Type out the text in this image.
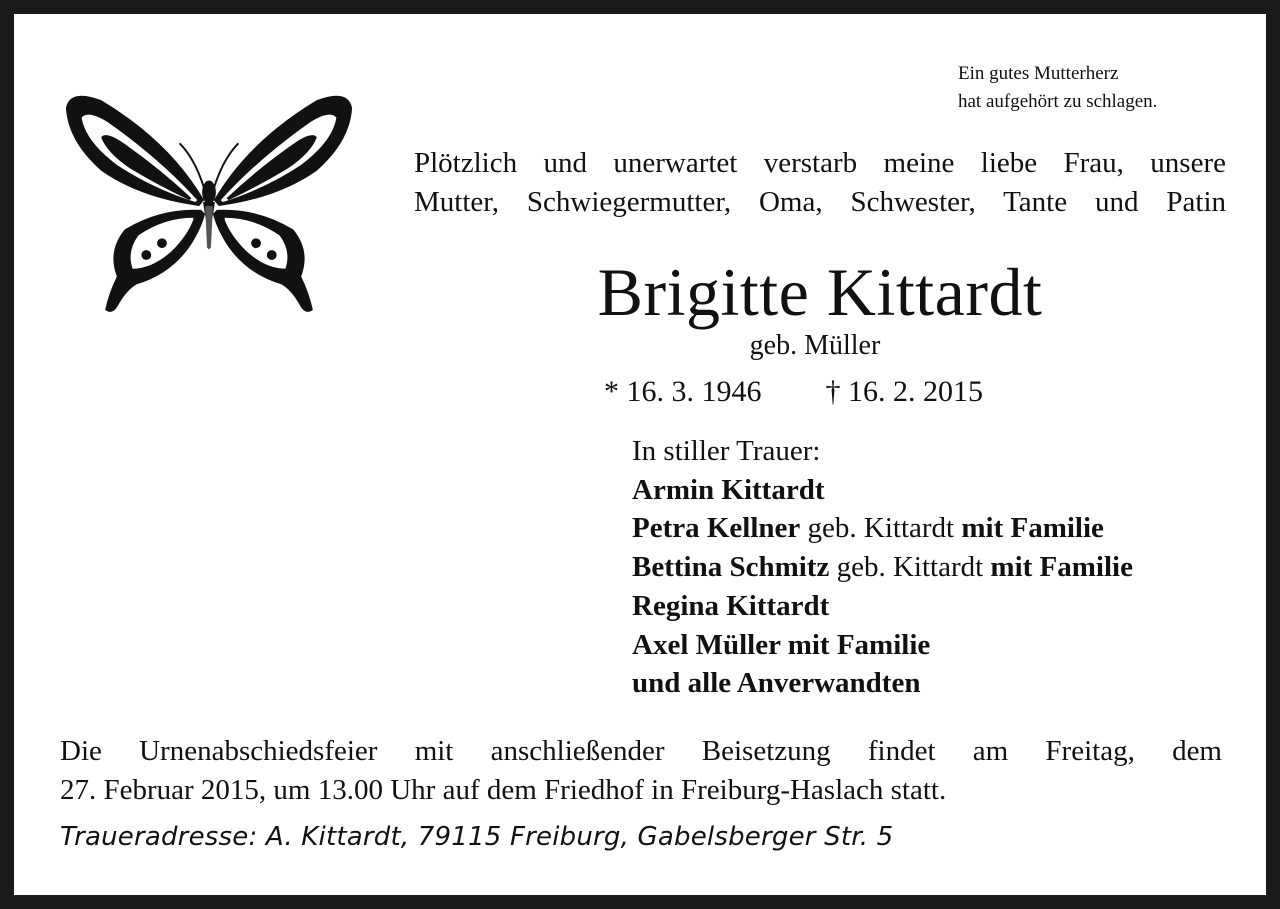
Ein gutes Mutterherz
hat aufgehört zu schlagen.
Plötzlich und unerwartet verstarb meine liebe Frau, unsere
Mutter, Schwiegermutter, Oma, Schwester, Tante und Patin
Brigitte Kittardt
geb. Müller
* 16. 3. 1946 † 16. 2. 2015
In stiller Trauer:
Armin Kittardt
Petra Kellner geb. Kittardt mit Familie
Bettina Schmitz geb. Kittardt mit Familie
Regina Kittardt
Axel Müller mit Familie
und alle Anverwandten
Die Urnenabschiedsfeier mit anschließender Beisetzung findet am Freitag, dem
27. Februar 2015, um 13.00 Uhr auf dem Friedhof in Freiburg-Haslach statt.
Traueradresse: A. Kittardt, 79115 Freiburg, Gabelsberger Str. 5
